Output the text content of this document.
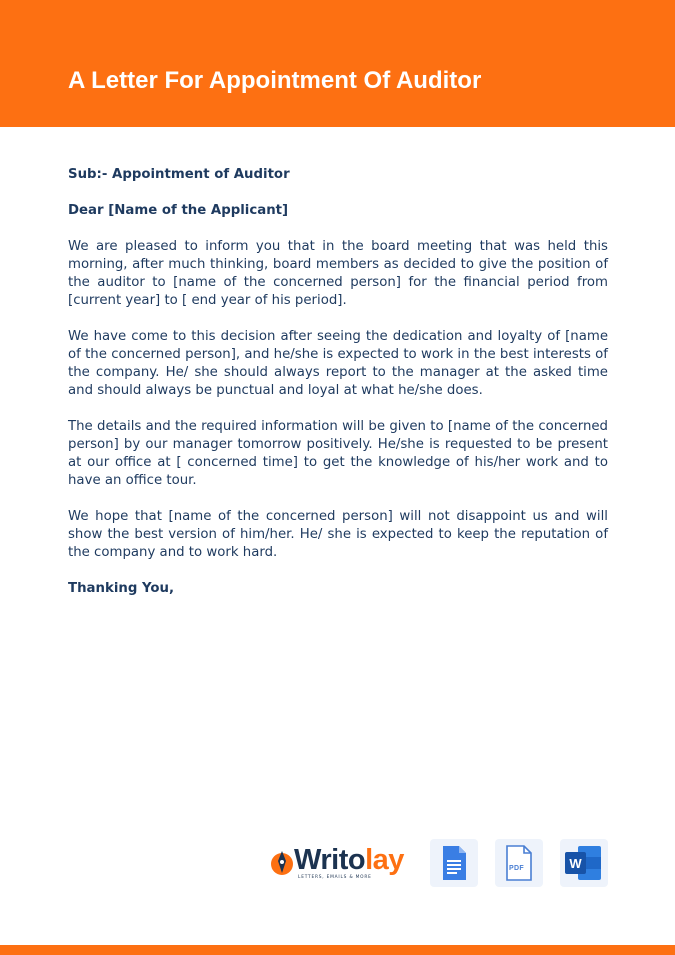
A Letter For Appointment Of Auditor

Sub:- Appointment of Auditor

Dear [Name of the Applicant]

We are pleased to inform you that in the board meeting that was held this morning, after much thinking, board members as decided to give the position of the auditor to [name of the concerned person] for the financial period from [current year] to [ end year of his period].

We have come to this decision after seeing the dedication and loyalty of [name of the concerned person], and he/she is expected to work in the best interests of the company. He/ she should always report to the manager at the asked time and should always be punctual and loyal at what he/she does.

The details and the required information will be given to [name of the concerned person] by our manager tomorrow positively. He/she is requested to be present at our office at [ concerned time] to get the knowledge of his/her work and to have an office tour.

We hope that [name of the concerned person] will not disappoint us and will show the best version of him/her. He/ she is expected to keep the reputation of the company and to work hard.

Thanking You,

Writolay
LETTERS, EMAILS & MORE
PDF	W
